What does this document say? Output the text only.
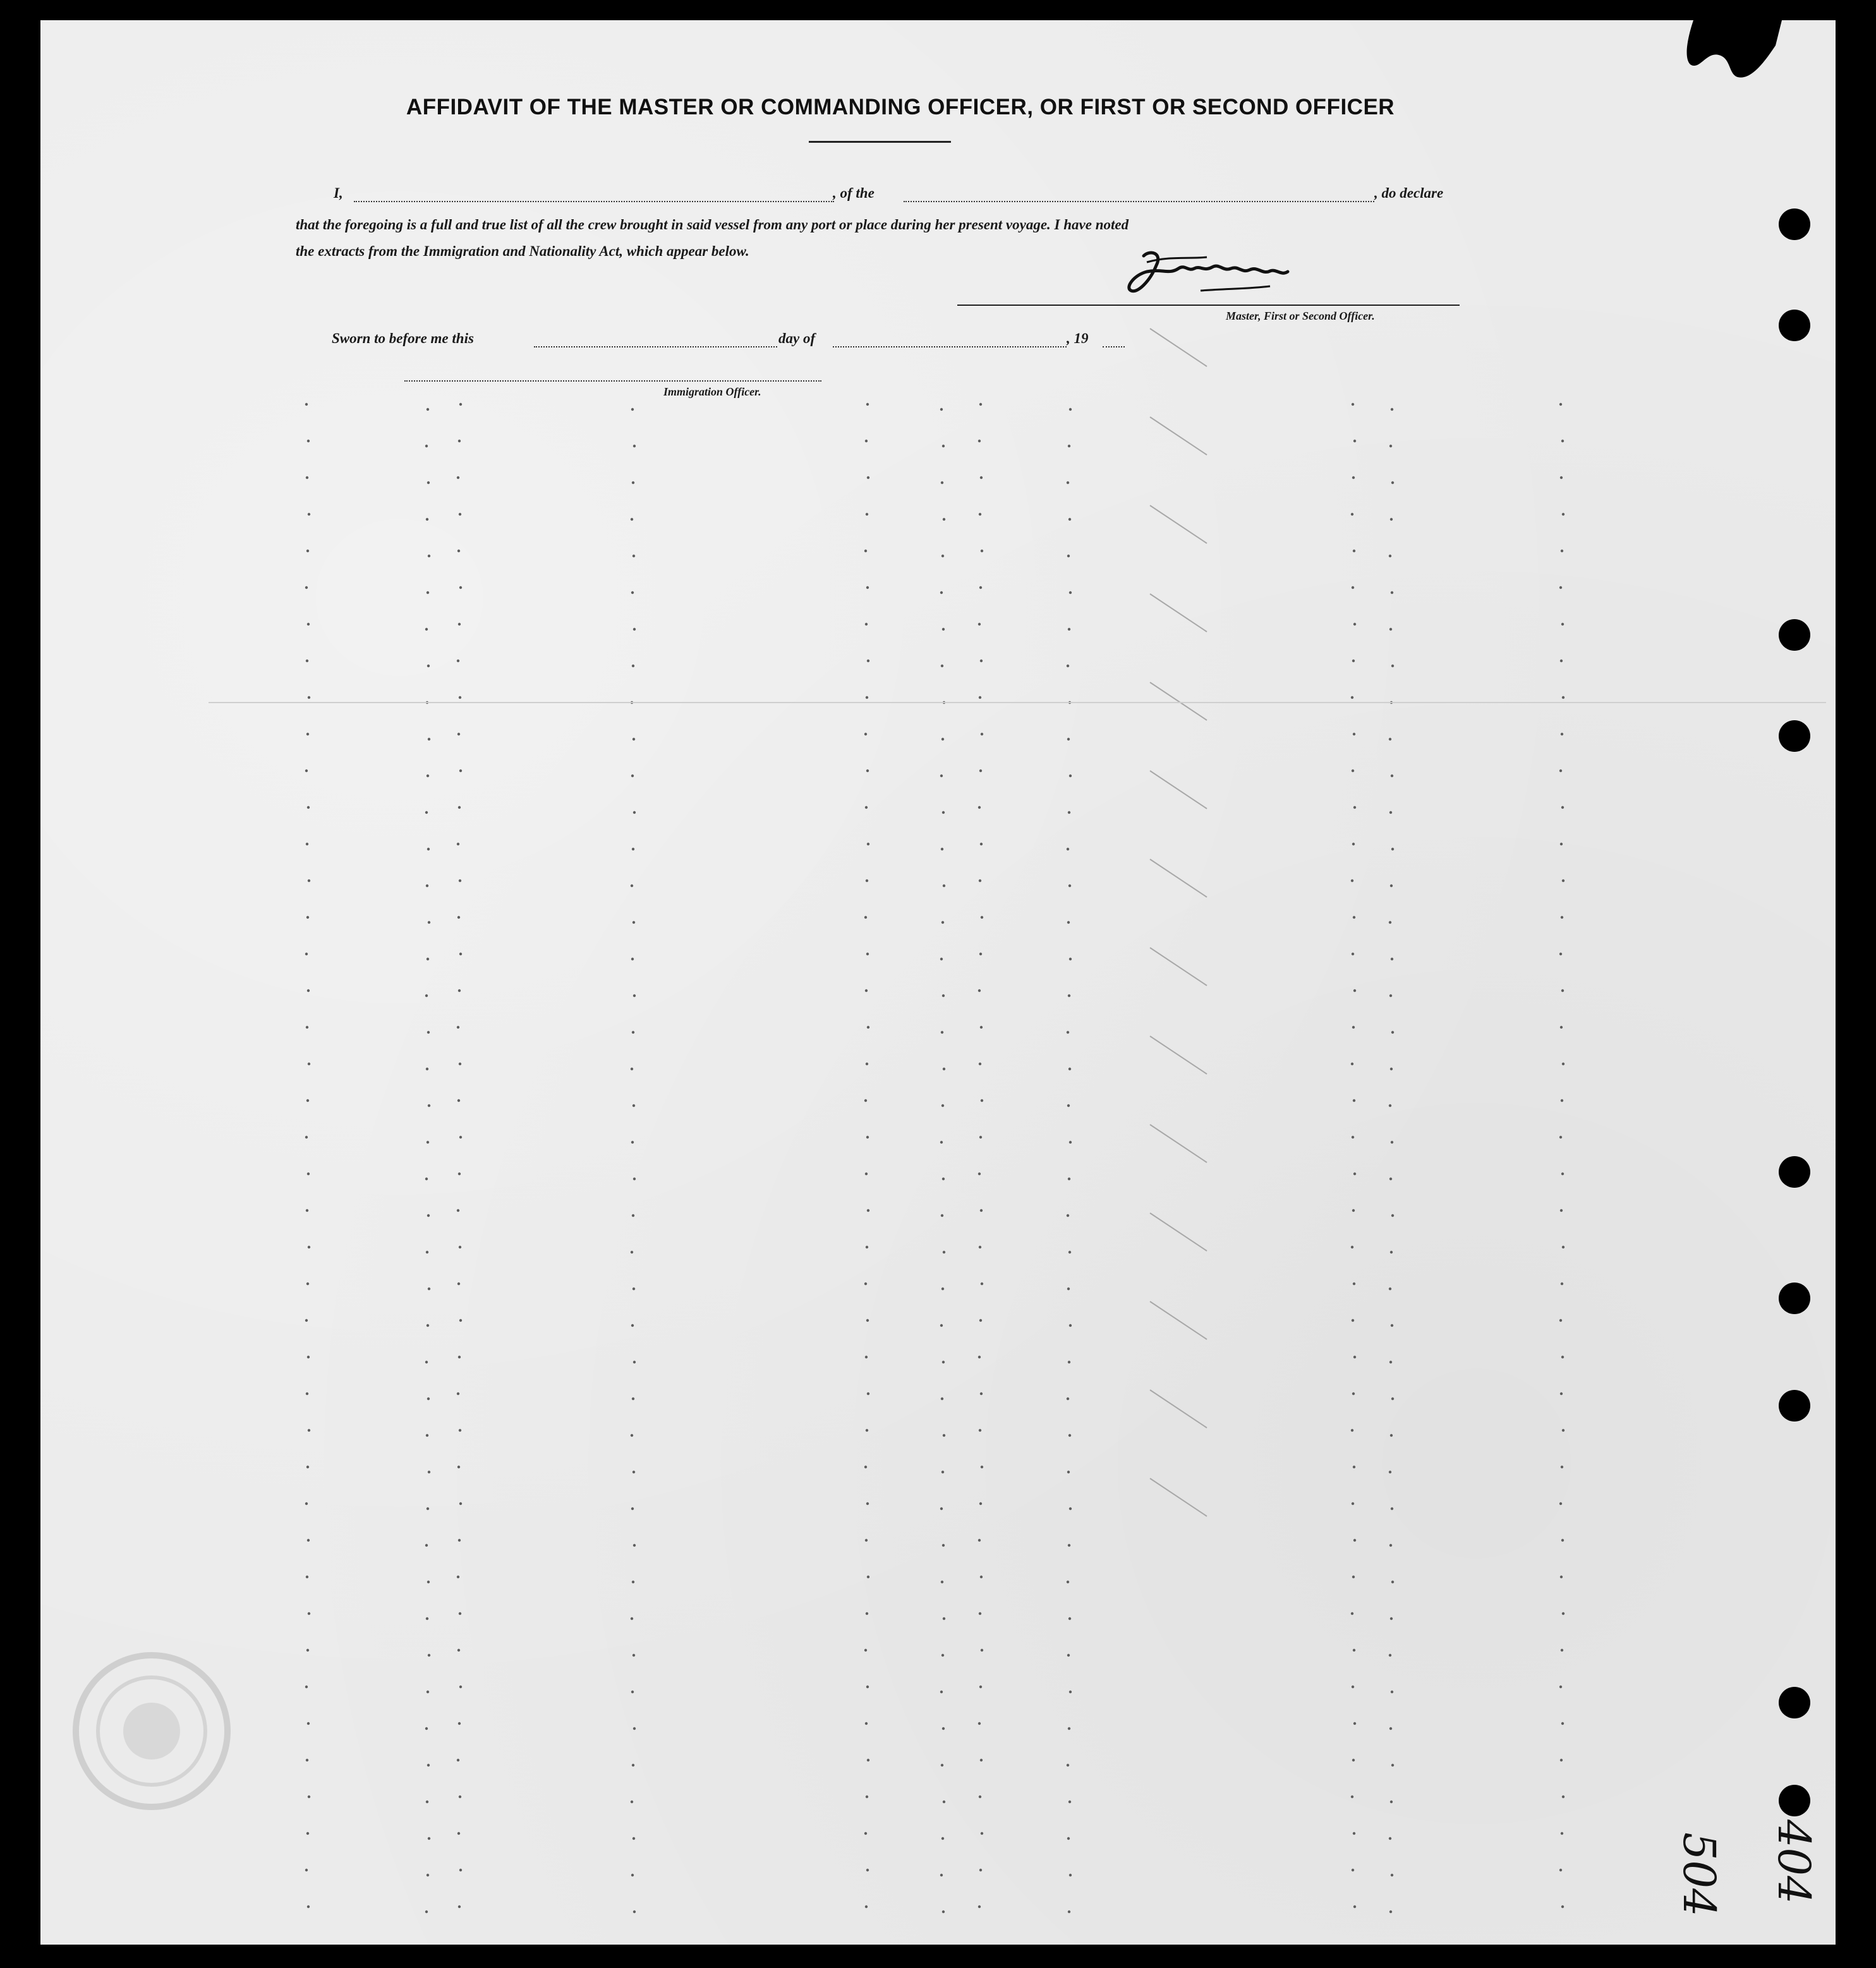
AFFIDAVIT OF THE MASTER OR COMMANDING OFFICER, OR FIRST OR SECOND OFFICER
I,	, of the	, do declare
that the foregoing is a full and true list of all the crew brought in said vessel from any port or place during her present voyage. I have noted
the extracts from the Immigration and Nationality Act, which appear below.
Master, First or Second Officer.
Sworn to before me this	day of	, 19
Immigration Officer.
504 404
